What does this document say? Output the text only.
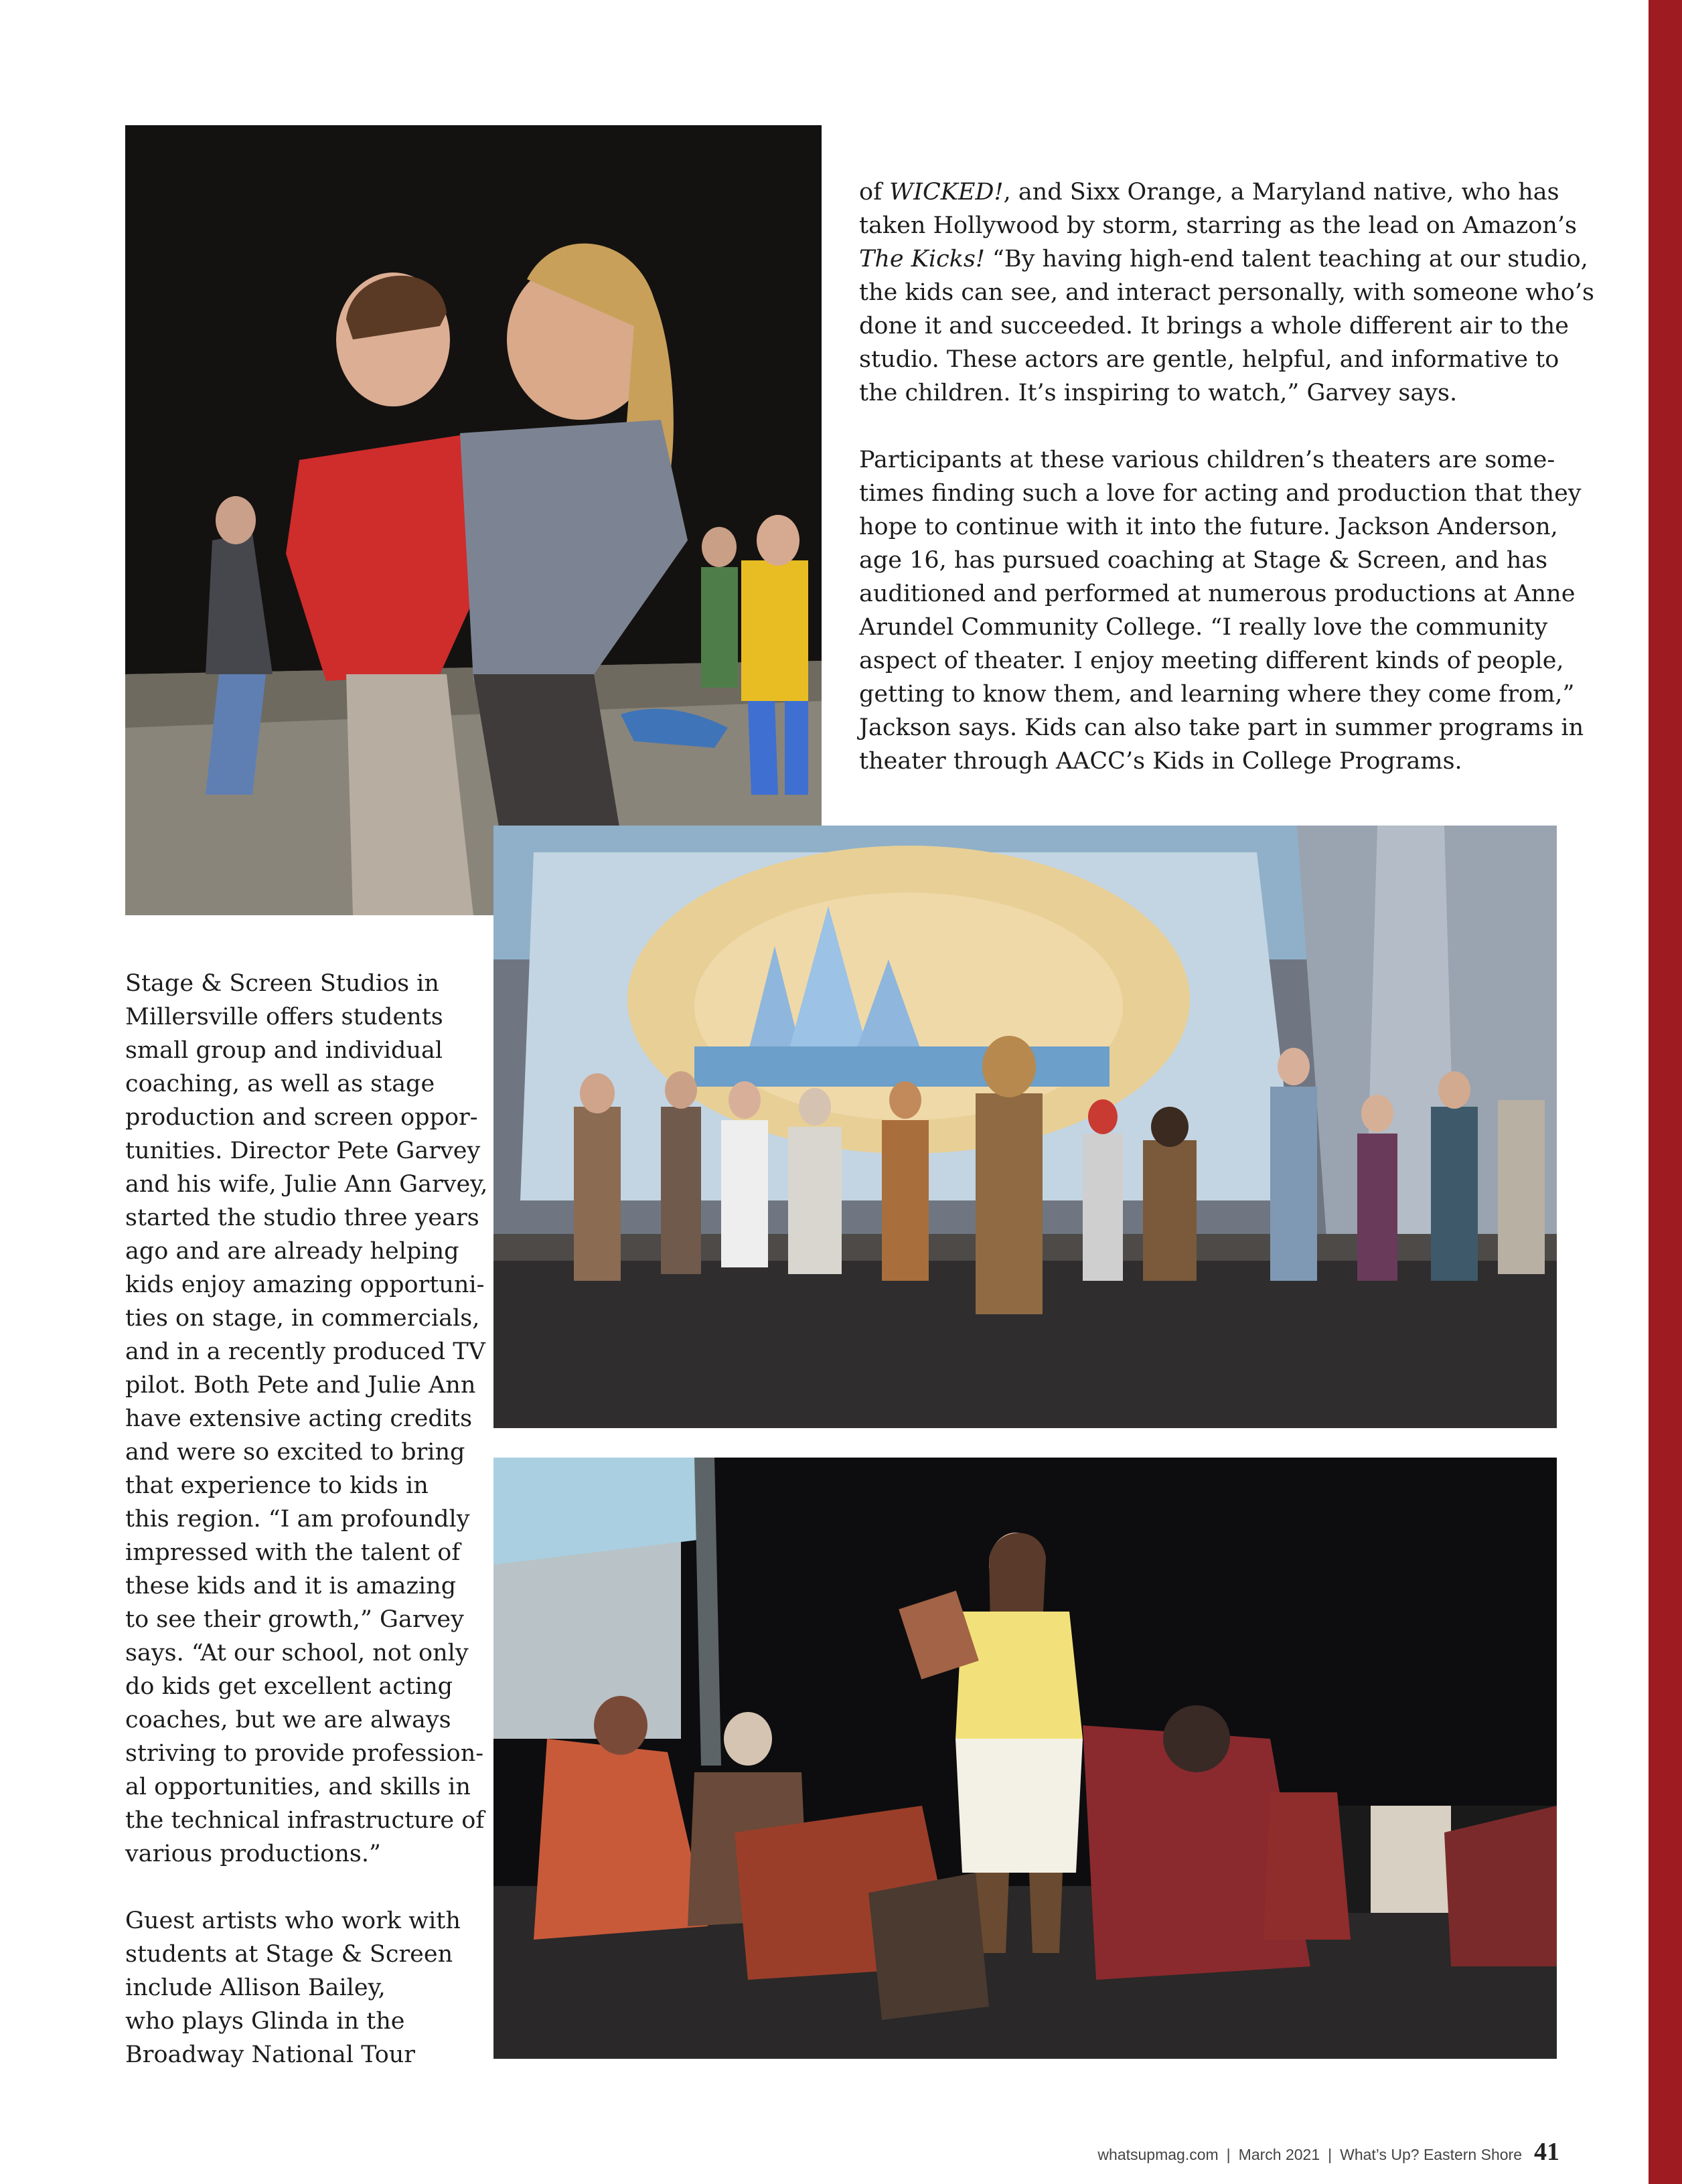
of WICKED!, and Sixx Orange, a Maryland native, who has
taken Hollywood by storm, starring as the lead on Amazon’s
The Kicks! “By having high-end talent teaching at our studio,
the kids can see, and interact personally, with someone who’s
done it and succeeded. It brings a whole different air to the
studio. These actors are gentle, helpful, and informative to
the children. It’s inspiring to watch,” Garvey says.

Participants at these various children’s theaters are some-
times finding such a love for acting and production that they
hope to continue with it into the future. Jackson Anderson,
age 16, has pursued coaching at Stage & Screen, and has
auditioned and performed at numerous productions at Anne
Arundel Community College. “I really love the community
aspect of theater. I enjoy meeting different kinds of people,
getting to know them, and learning where they come from,”
Jackson says. Kids can also take part in summer programs in
theater through AACC’s Kids in College Programs.

Stage & Screen Studios in
Millersville offers students
small group and individual
coaching, as well as stage
production and screen oppor-
tunities. Director Pete Garvey
and his wife, Julie Ann Garvey,
started the studio three years
ago and are already helping
kids enjoy amazing opportuni-
ties on stage, in commercials,
and in a recently produced TV
pilot. Both Pete and Julie Ann
have extensive acting credits
and were so excited to bring
that experience to kids in
this region. “I am profoundly
impressed with the talent of
these kids and it is amazing
to see their growth,” Garvey
says. “At our school, not only
do kids get excellent acting
coaches, but we are always
striving to provide profession-
al opportunities, and skills in
the technical infrastructure of
various productions.”

Guest artists who work with
students at Stage & Screen
include Allison Bailey,
who plays Glinda in the
Broadway National Tour

whatsupmag.com | March 2021 | What’s Up? Eastern Shore 41
